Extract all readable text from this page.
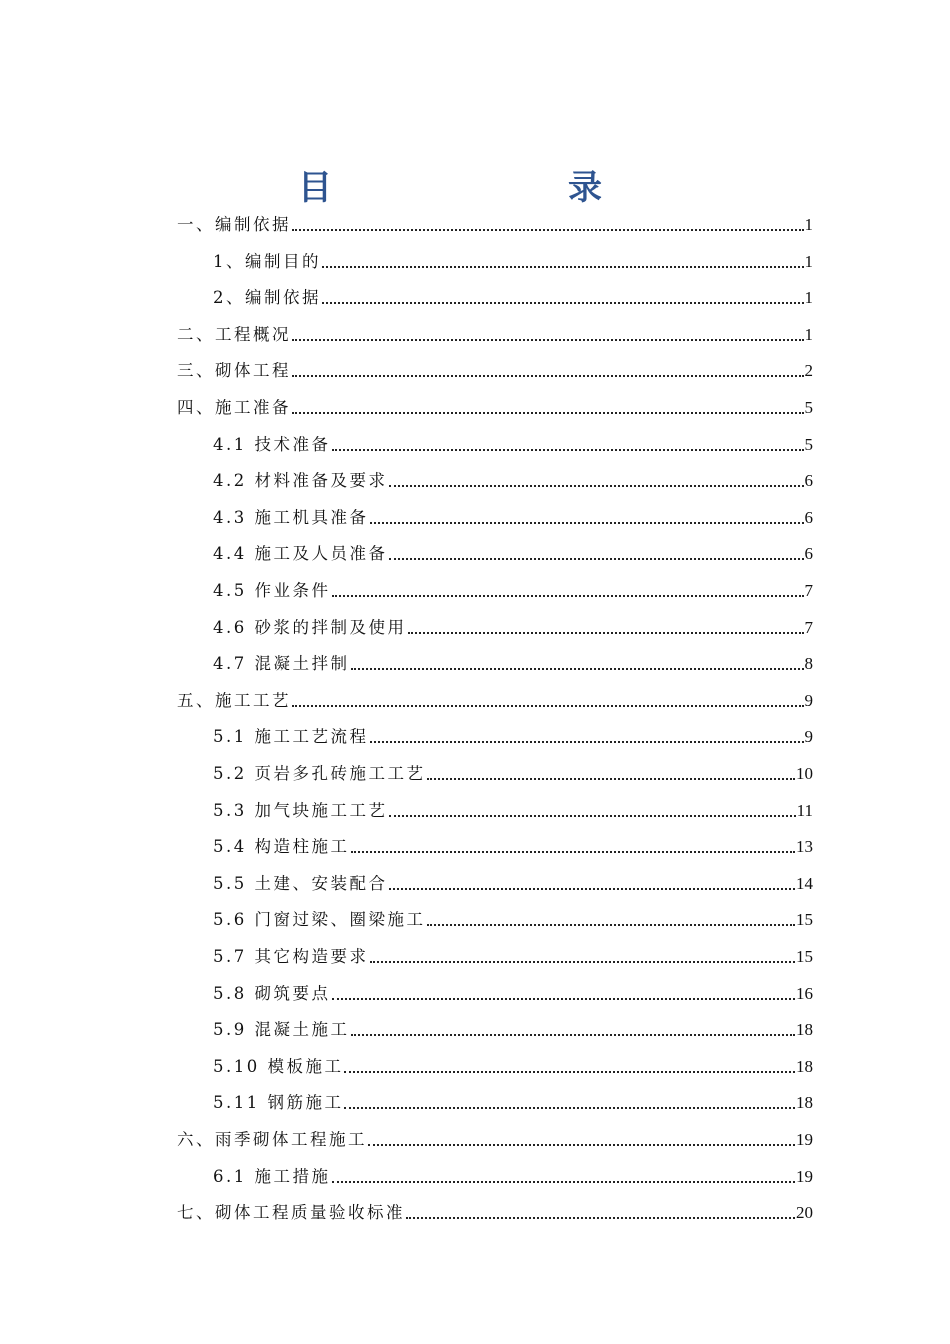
目　　录
一、编制依据	1
1、编制目的	1
2、编制依据	1
二、工程概况	1
三、砌体工程	2
四、施工准备	5
4.1 技术准备	5
4.2 材料准备及要求	6
4.3 施工机具准备	6
4.4 施工及人员准备	6
4.5 作业条件	7
4.6 砂浆的拌制及使用	7
4.7 混凝土拌制	8
五、施工工艺	9
5.1 施工工艺流程	9
5.2 页岩多孔砖施工工艺	10
5.3 加气块施工工艺	11
5.4 构造柱施工	13
5.5 土建、安装配合	14
5.6 门窗过梁、圈梁施工	15
5.7 其它构造要求	15
5.8 砌筑要点	16
5.9 混凝土施工	18
5.10 模板施工	18
5.11 钢筋施工	18
六、雨季砌体工程施工	19
6.1 施工措施	19
七、砌体工程质量验收标准	20
